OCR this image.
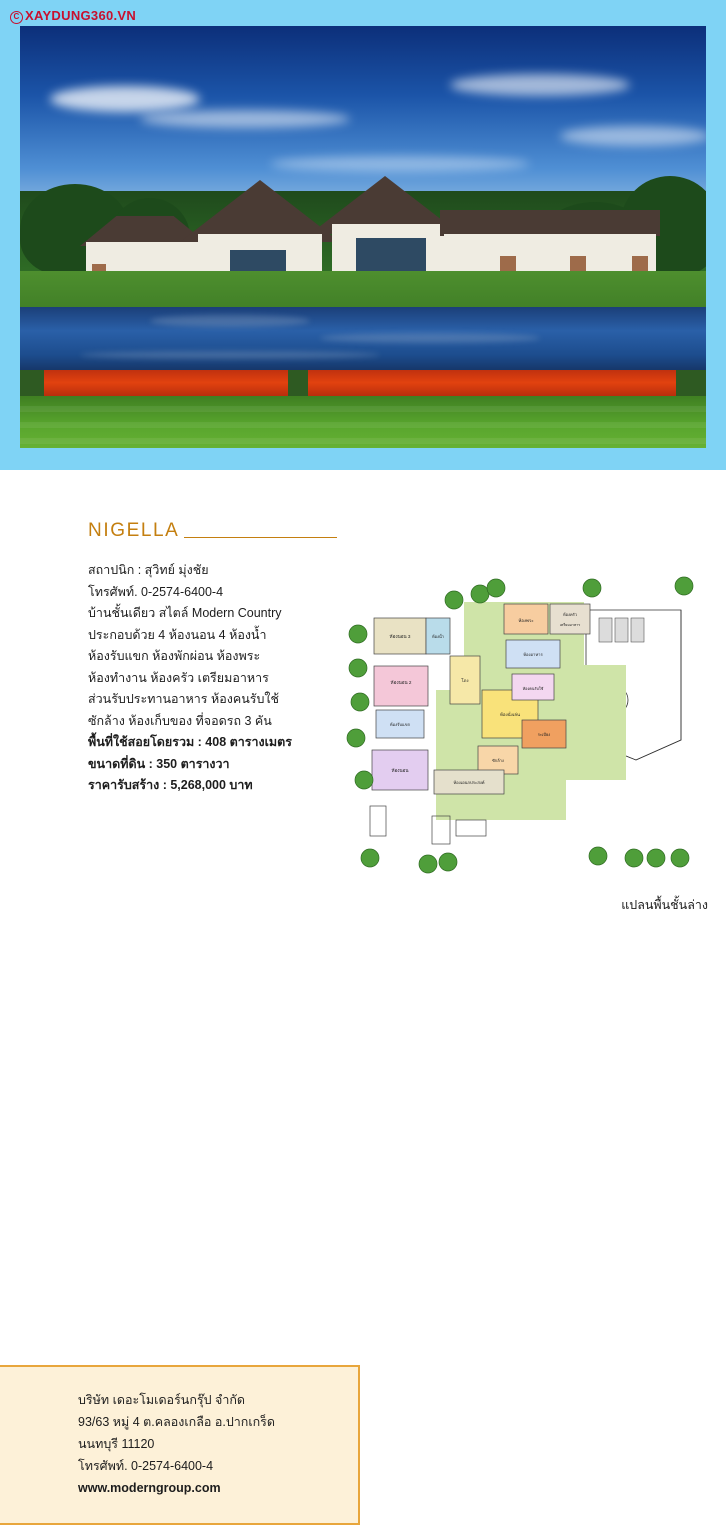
C XAYDUNG360.VN
NIGELLA
สถาปนิก : สุวิทย์ มุ่งชัย
โทรศัพท์. 0-2574-6400-4
บ้านชั้นเดียว สไตล์ Modern Country
ประกอบด้วย 4 ห้องนอน 4 ห้องน้ำ
ห้องรับแขก ห้องพักผ่อน ห้องพระ
ห้องทำงาน ห้องครัว เตรียมอาหาร
ส่วนรับประทานอาหาร ห้องคนรับใช้
ซักล้าง ห้องเก็บของ ที่จอดรถ 3 คัน
พื้นที่ใช้สอยโดยรวม : 408 ตารางเมตร
ขนาดที่ดิน : 350 ตารางวา
ราคารับสร้าง : 5,268,000 บาท
ห้องนอน 3	ห้องน้ำ
ห้องนอน 2	โถง
ห้องนั่งเล่น
ห้องรับแขก
ห้องนอน
ห้องพระ
ห้องครัว
เตรียมอาหาร
ห้องอาหาร
ห้องคนรับใช้
ซักล้าง
ระเบียง
ห้องเอนกประสงค์
แปลนพื้นชั้นล่าง
บริษัท เดอะโมเดอร์นกรุ๊ป จำกัด
93/63 หมู่ 4 ต.คลองเกลือ อ.ปากเกร็ด
นนทบุรี 11120
โทรศัพท์. 0-2574-6400-4
www.moderngroup.com
